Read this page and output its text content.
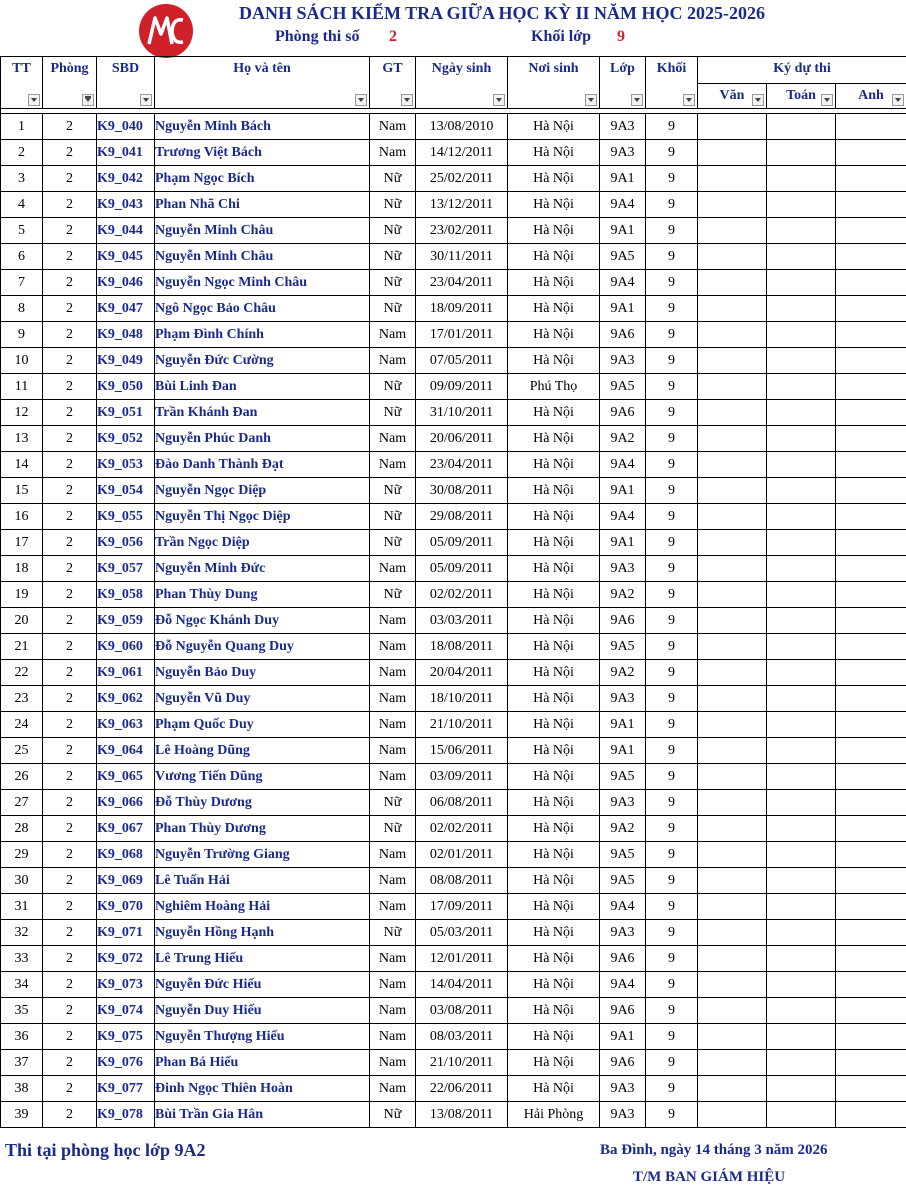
DANH SÁCH KIỂM TRA GIỮA HỌC KỲ II NĂM HỌC 2025-2026
Phòng thi số 2	Khối lớp 9
TT	Phòng	SBD	Họ và tên	GT	Ngày sinh	Nơi sinh	Lớp	Khối	Ký dự thi		

									Văn	Toán	Anh

1	2	K9_040	Nguyễn Minh Bách	Nam	13/08/2010	Hà Nội	9A3	9			
2	2	K9_041	Trương Việt Bách	Nam	14/12/2011	Hà Nội	9A3	9			
3	2	K9_042	Phạm Ngọc Bích	Nữ	25/02/2011	Hà Nội	9A1	9			
4	2	K9_043	Phan Nhã Chi	Nữ	13/12/2011	Hà Nội	9A4	9			
5	2	K9_044	Nguyễn Minh Châu	Nữ	23/02/2011	Hà Nội	9A1	9			
6	2	K9_045	Nguyễn Minh Châu	Nữ	30/11/2011	Hà Nội	9A5	9			
7	2	K9_046	Nguyễn Ngọc Minh Châu	Nữ	23/04/2011	Hà Nội	9A4	9			
8	2	K9_047	Ngô Ngọc Bảo Châu	Nữ	18/09/2011	Hà Nội	9A1	9			
9	2	K9_048	Phạm Đình Chính	Nam	17/01/2011	Hà Nội	9A6	9			
10	2	K9_049	Nguyễn Đức Cường	Nam	07/05/2011	Hà Nội	9A3	9			
11	2	K9_050	Bùi Linh Đan	Nữ	09/09/2011	Phú Thọ	9A5	9			
12	2	K9_051	Trần Khánh Đan	Nữ	31/10/2011	Hà Nội	9A6	9			
13	2	K9_052	Nguyễn Phúc Danh	Nam	20/06/2011	Hà Nội	9A2	9			
14	2	K9_053	Đào Danh Thành Đạt	Nam	23/04/2011	Hà Nội	9A4	9			
15	2	K9_054	Nguyễn Ngọc Diệp	Nữ	30/08/2011	Hà Nội	9A1	9			
16	2	K9_055	Nguyễn Thị Ngọc Diệp	Nữ	29/08/2011	Hà Nội	9A4	9			
17	2	K9_056	Trần Ngọc Diệp	Nữ	05/09/2011	Hà Nội	9A1	9			
18	2	K9_057	Nguyễn Minh Đức	Nam	05/09/2011	Hà Nội	9A3	9			
19	2	K9_058	Phan Thùy Dung	Nữ	02/02/2011	Hà Nội	9A2	9			
20	2	K9_059	Đỗ Ngọc Khánh Duy	Nam	03/03/2011	Hà Nội	9A6	9			
21	2	K9_060	Đỗ Nguyễn Quang Duy	Nam	18/08/2011	Hà Nội	9A5	9			
22	2	K9_061	Nguyễn Bảo Duy	Nam	20/04/2011	Hà Nội	9A2	9			
23	2	K9_062	Nguyễn Vũ Duy	Nam	18/10/2011	Hà Nội	9A3	9			
24	2	K9_063	Phạm Quốc Duy	Nam	21/10/2011	Hà Nội	9A1	9			
25	2	K9_064	Lê Hoàng Dũng	Nam	15/06/2011	Hà Nội	9A1	9			
26	2	K9_065	Vương Tiến Dũng	Nam	03/09/2011	Hà Nội	9A5	9			
27	2	K9_066	Đỗ Thùy Dương	Nữ	06/08/2011	Hà Nội	9A3	9			
28	2	K9_067	Phan Thùy Dương	Nữ	02/02/2011	Hà Nội	9A2	9			
29	2	K9_068	Nguyễn Trường Giang	Nam	02/01/2011	Hà Nội	9A5	9			
30	2	K9_069	Lê Tuấn Hải	Nam	08/08/2011	Hà Nội	9A5	9			
31	2	K9_070	Nghiêm Hoàng Hải	Nam	17/09/2011	Hà Nội	9A4	9			
32	2	K9_071	Nguyễn Hồng Hạnh	Nữ	05/03/2011	Hà Nội	9A3	9			
33	2	K9_072	Lê Trung Hiếu	Nam	12/01/2011	Hà Nội	9A6	9			
34	2	K9_073	Nguyễn Đức Hiếu	Nam	14/04/2011	Hà Nội	9A4	9			
35	2	K9_074	Nguyễn Duy Hiếu	Nam	03/08/2011	Hà Nội	9A6	9			
36	2	K9_075	Nguyễn Thượng Hiếu	Nam	08/03/2011	Hà Nội	9A1	9			
37	2	K9_076	Phan Bá Hiếu	Nam	21/10/2011	Hà Nội	9A6	9			
38	2	K9_077	Đinh Ngọc Thiên Hoàn	Nam	22/06/2011	Hà Nội	9A3	9			
39	2	K9_078	Bùi Trần Gia Hân	Nữ	13/08/2011	Hải Phòng	9A3	9			
Thi tại phòng học lớp 9A2	Ba Đình, ngày 14 tháng 3 năm 2026
T/M BAN GIÁM HIỆU
